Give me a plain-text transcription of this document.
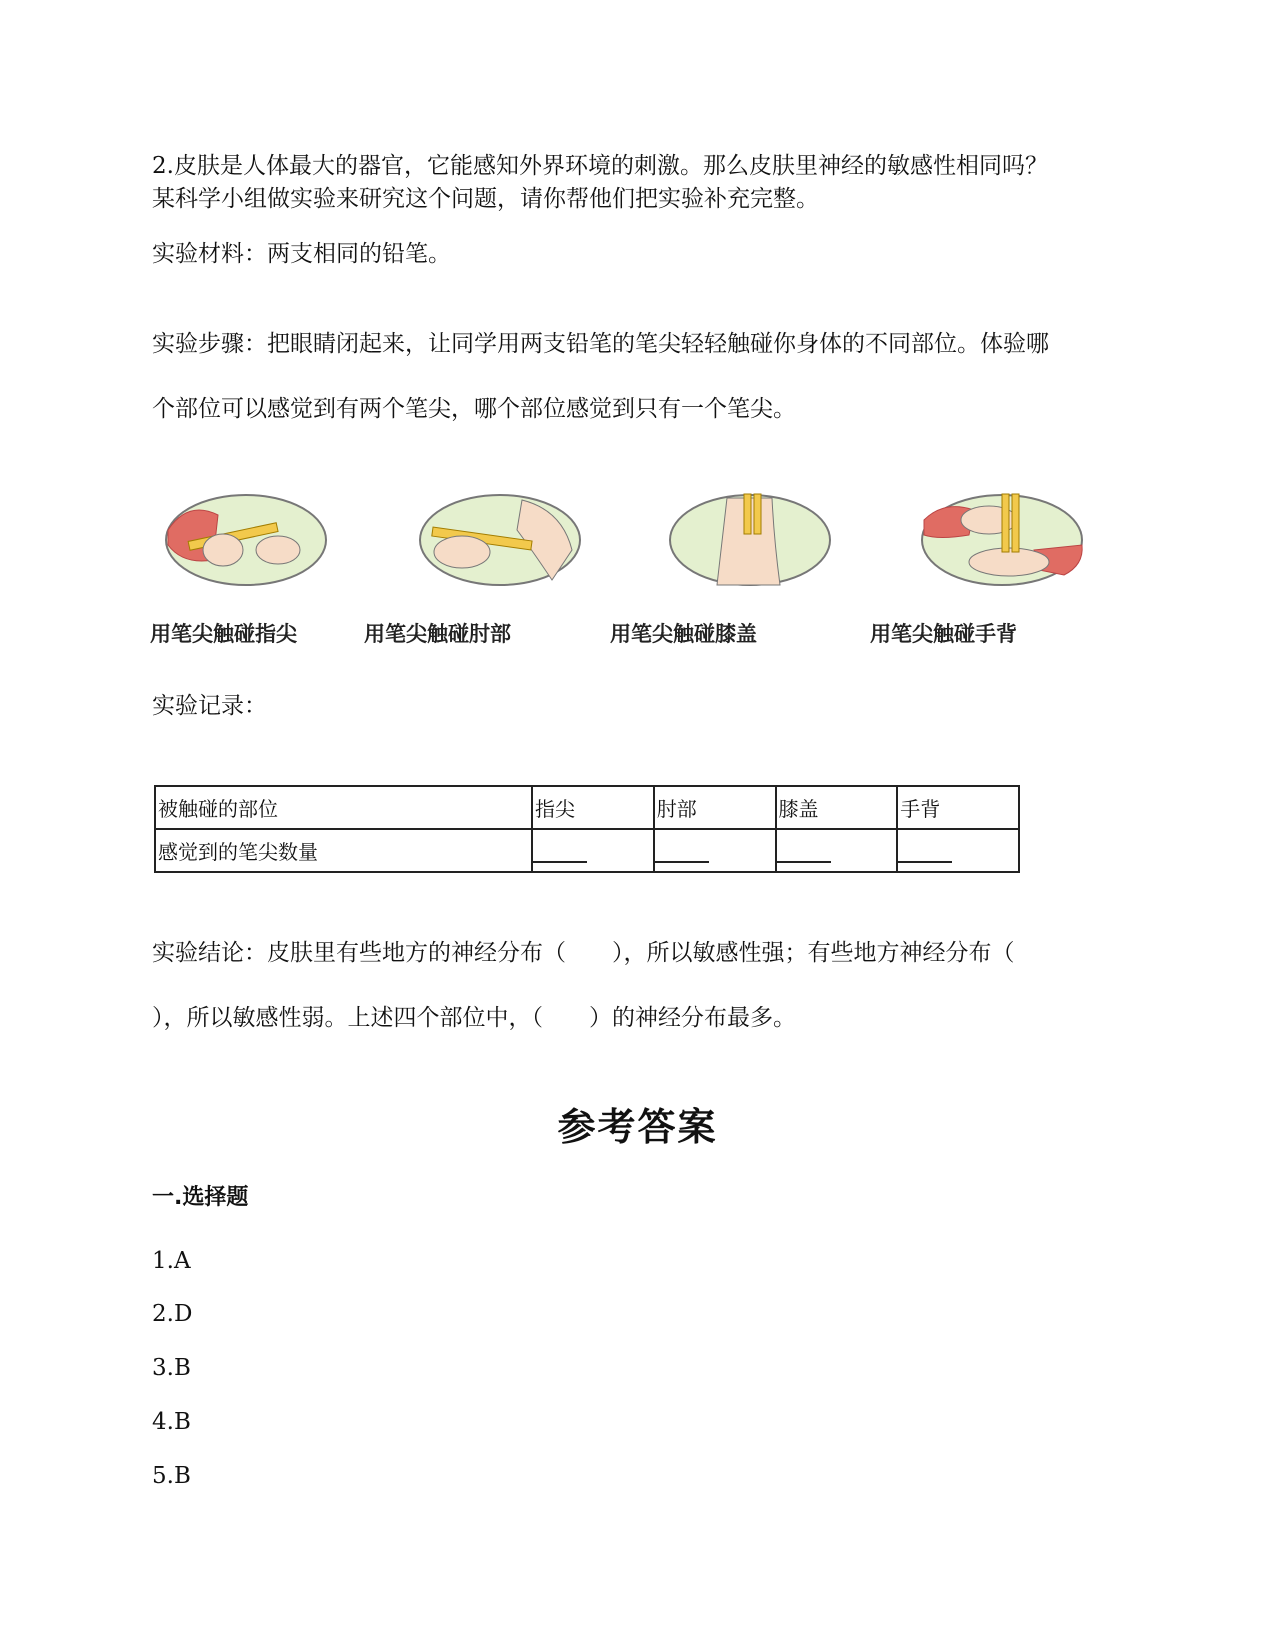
2.皮肤是人体最大的器官，它能感知外界环境的刺激。那么皮肤里神经的敏感性相同吗？
某科学小组做实验来研究这个问题，请你帮他们把实验补充完整。
实验材料：两支相同的铅笔。
实验步骤：把眼睛闭起来，让同学用两支铅笔的笔尖轻轻触碰你身体的不同部位。体验哪
个部位可以感觉到有两个笔尖，哪个部位感觉到只有一个笔尖。
用笔尖触碰指尖	用笔尖触碰肘部	用笔尖触碰膝盖	用笔尖触碰手背
实验记录：
被触碰的部位	指尖	肘部	膝盖	手背
感觉到的笔尖数量	

实验结论：皮肤里有些地方的神经分布（　　），所以敏感性强；有些地方神经分布（
），所以敏感性弱。上述四个部位中，（　　）的神经分布最多。
参考答案
一.选择题
1.A
2.D
3.B
4.B
5.B
